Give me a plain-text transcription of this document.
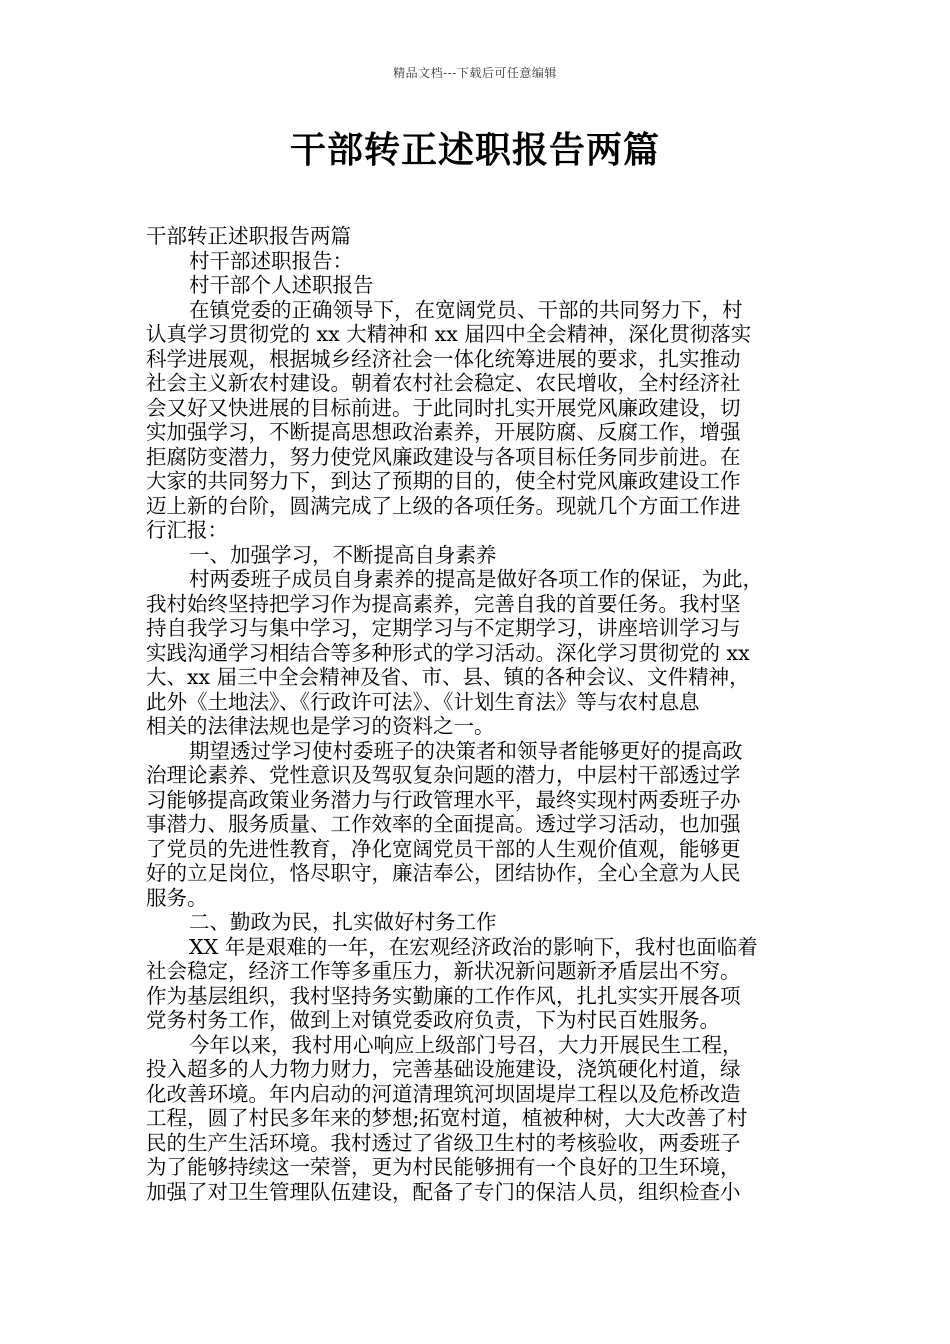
精品文档---下载后可任意编辑
干部转正述职报告两篇
干部转正述职报告两篇
村干部述职报告：
村干部个人述职报告
在镇党委的正确领导下，在宽阔党员、干部的共同努力下，村
认真学习贯彻党的 xx 大精神和 xx 届四中全会精神，深化贯彻落实
科学进展观，根据城乡经济社会一体化统筹进展的要求，扎实推动
社会主义新农村建设。朝着农村社会稳定、农民增收，全村经济社
会又好又快进展的目标前进。于此同时扎实开展党风廉政建设，切
实加强学习，不断提高思想政治素养，开展防腐、反腐工作，增强
拒腐防变潜力，努力使党风廉政建设与各项目标任务同步前进。在
大家的共同努力下，到达了预期的目的，使全村党风廉政建设工作
迈上新的台阶，圆满完成了上级的各项任务。现就几个方面工作进
行汇报：
一、加强学习，不断提高自身素养
村两委班子成员自身素养的提高是做好各项工作的保证，为此，
我村始终坚持把学习作为提高素养，完善自我的首要任务。我村坚
持自我学习与集中学习，定期学习与不定期学习，讲座培训学习与
实践沟通学习相结合等多种形式的学习活动。深化学习贯彻党的 xx
大、xx 届三中全会精神及省、市、县、镇的各种会议、文件精神，
此外《土地法》、《行政许可法》、《计划生育法》等与农村息息
相关的法律法规也是学习的资料之一。
期望透过学习使村委班子的决策者和领导者能够更好的提高政
治理论素养、党性意识及驾驭复杂问题的潜力，中层村干部透过学
习能够提高政策业务潜力与行政管理水平，最终实现村两委班子办
事潜力、服务质量、工作效率的全面提高。透过学习活动，也加强
了党员的先进性教育，净化宽阔党员干部的人生观价值观，能够更
好的立足岗位，恪尽职守，廉洁奉公，团结协作，全心全意为人民
服务。
二、勤政为民，扎实做好村务工作
XX 年是艰难的一年，在宏观经济政治的影响下，我村也面临着
社会稳定，经济工作等多重压力，新状况新问题新矛盾层出不穷。
作为基层组织，我村坚持务实勤廉的工作作风，扎扎实实开展各项
党务村务工作，做到上对镇党委政府负责，下为村民百姓服务。
今年以来，我村用心响应上级部门号召，大力开展民生工程，
投入超多的人力物力财力，完善基础设施建设，浇筑硬化村道，绿
化改善环境。年内启动的河道清理筑河坝固堤岸工程以及危桥改造
工程，圆了村民多年来的梦想;拓宽村道，植被种树，大大改善了村
民的生产生活环境。我村透过了省级卫生村的考核验收，两委班子
为了能够持续这一荣誉，更为村民能够拥有一个良好的卫生环境，
加强了对卫生管理队伍建设，配备了专门的保洁人员，组织检查小
